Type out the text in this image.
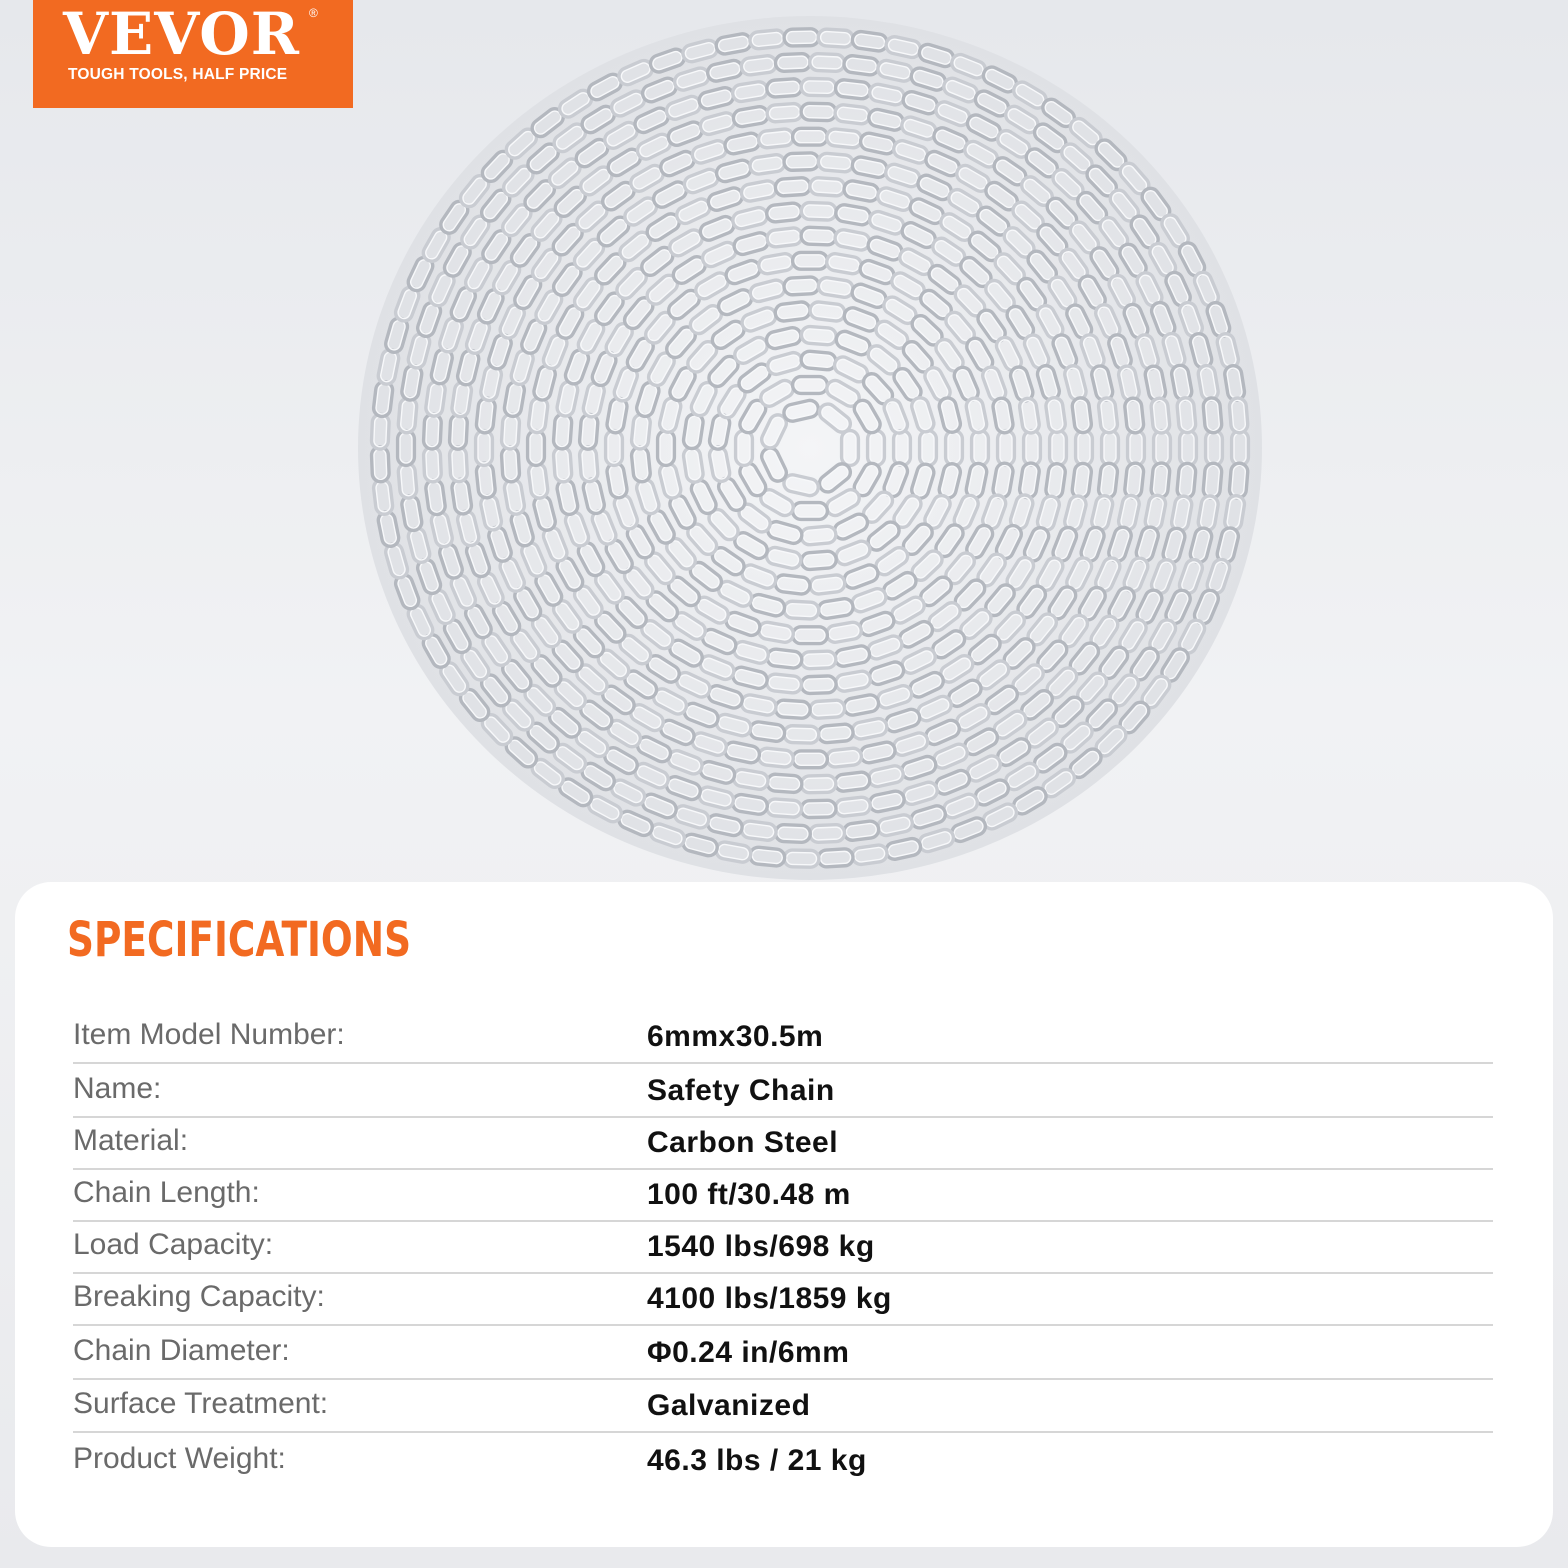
VEVOR ®
TOUGH TOOLS, HALF PRICE
SPECIFICATIONS
Item Model Number:	6mmx30.5m
Name:	Safety Chain
Material:	Carbon Steel
Chain Length:	100 ft/30.48 m
Load Capacity:	1540 lbs/698 kg
Breaking Capacity:	4100 lbs/1859 kg
Chain Diameter:	Φ0.24 in/6mm
Surface Treatment:	Galvanized
Product Weight:	46.3 lbs / 21 kg
